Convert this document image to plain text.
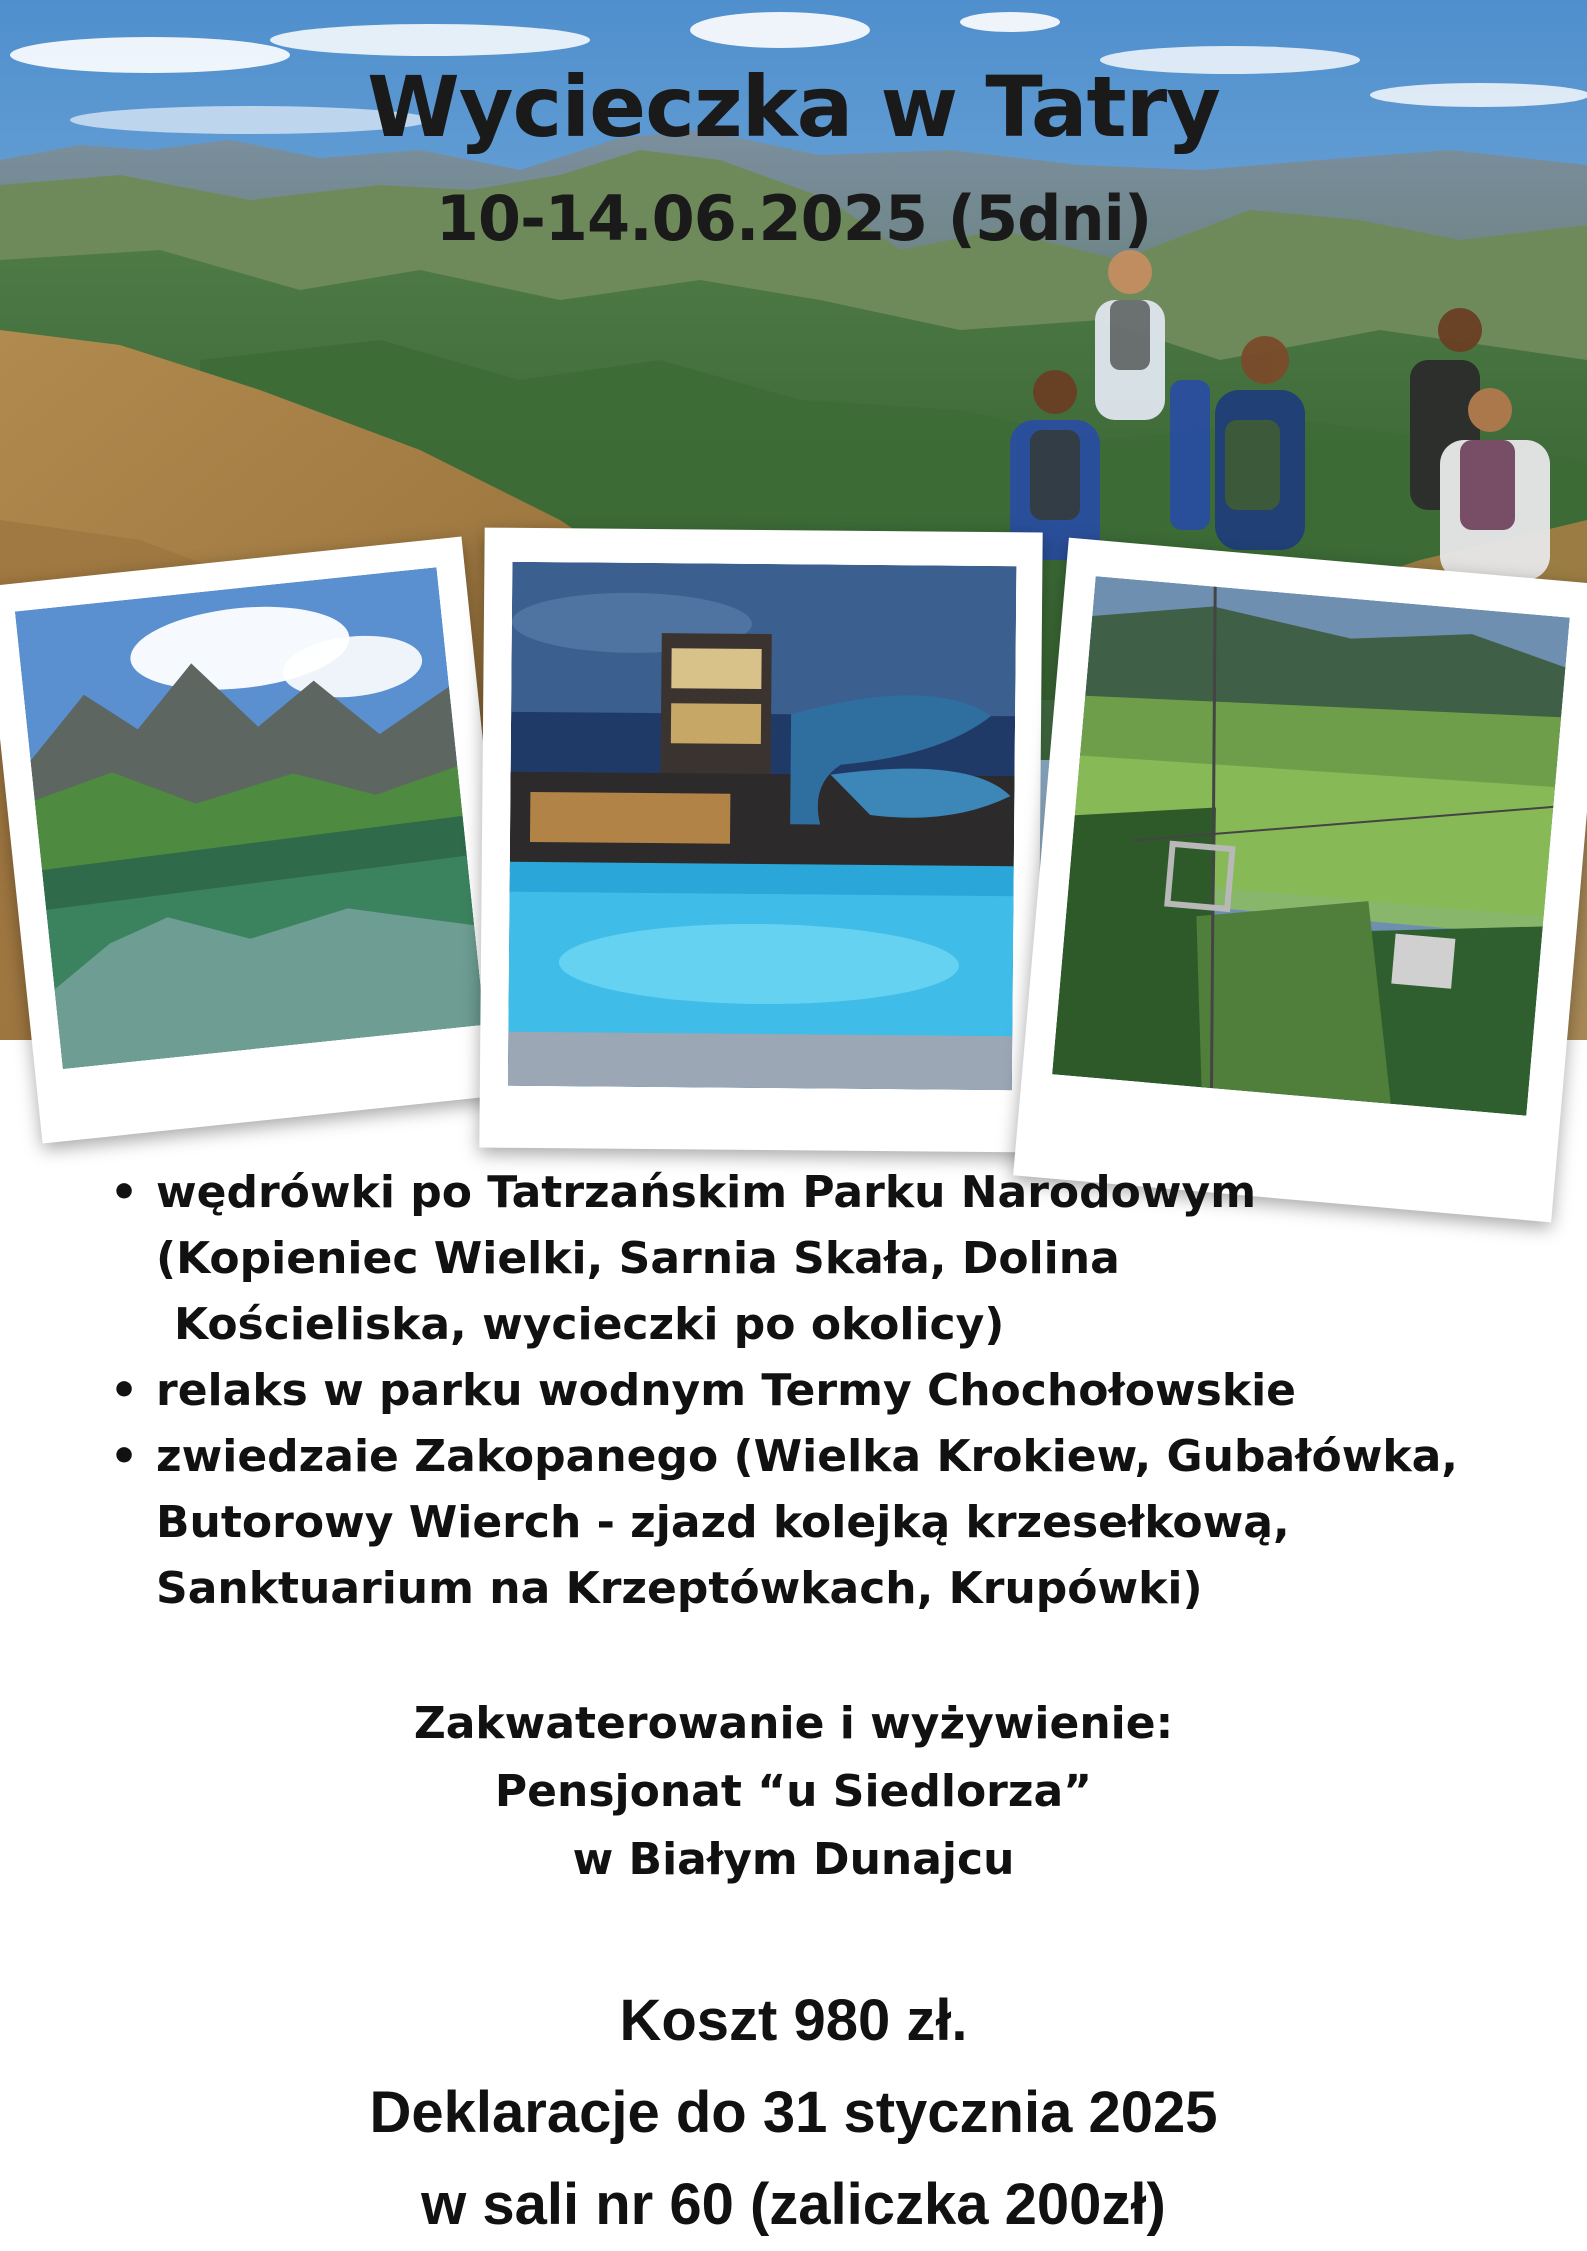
Wycieczka w Tatry
10-14.06.2025 (5dni)
• wędrówki po Tatrzańskim Parku Narodowym
(Kopieniec Wielki, Sarnia Skała, Dolina
Kościeliska, wycieczki po okolicy)
• relaks w parku wodnym Termy Chochołowskie
• zwiedzaie Zakopanego (Wielka Krokiew, Gubałówka,
Butorowy Wierch - zjazd kolejką krzesełkową,
Sanktuarium na Krzeptówkach, Krupówki)
Zakwaterowanie i wyżywienie:
Pensjonat “u Siedlorza”
w Białym Dunajcu
Koszt 980 zł.
Deklaracje do 31 stycznia 2025
w sali nr 60 (zaliczka 200zł)
